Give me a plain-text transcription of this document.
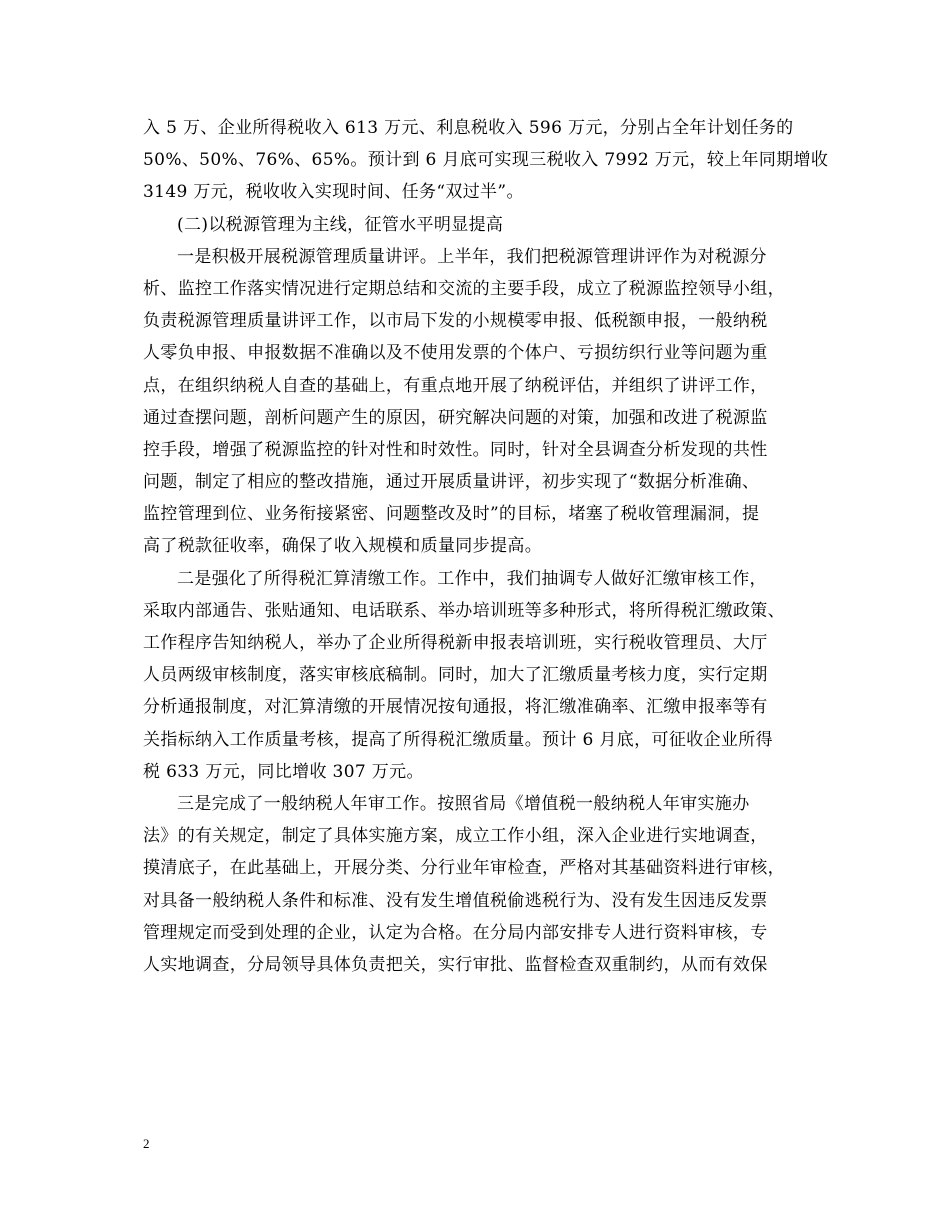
入 5 万、企业所得税收入 613 万元、利息税收入 596 万元，分别占全年计划任务的
50%、50%、76%、65%。预计到 6 月底可实现三税收入 7992 万元，较上年同期增收
3149 万元，税收收入实现时间、任务“双过半”。
(二)以税源管理为主线，征管水平明显提高
一是积极开展税源管理质量讲评。上半年，我们把税源管理讲评作为对税源分
析、监控工作落实情况进行定期总结和交流的主要手段，成立了税源监控领导小组，
负责税源管理质量讲评工作，以市局下发的小规模零申报、低税额申报，一般纳税
人零负申报、申报数据不准确以及不使用发票的个体户、亏损纺织行业等问题为重
点，在组织纳税人自查的基础上，有重点地开展了纳税评估，并组织了讲评工作，
通过查摆问题，剖析问题产生的原因，研究解决问题的对策，加强和改进了税源监
控手段，增强了税源监控的针对性和时效性。同时，针对全县调查分析发现的共性
问题，制定了相应的整改措施，通过开展质量讲评，初步实现了“数据分析准确、
监控管理到位、业务衔接紧密、问题整改及时”的目标，堵塞了税收管理漏洞，提
高了税款征收率，确保了收入规模和质量同步提高。
二是强化了所得税汇算清缴工作。工作中，我们抽调专人做好汇缴审核工作，
采取内部通告、张贴通知、电话联系、举办培训班等多种形式，将所得税汇缴政策、
工作程序告知纳税人，举办了企业所得税新申报表培训班，实行税收管理员、大厅
人员两级审核制度，落实审核底稿制。同时，加大了汇缴质量考核力度，实行定期
分析通报制度，对汇算清缴的开展情况按旬通报，将汇缴准确率、汇缴申报率等有
关指标纳入工作质量考核，提高了所得税汇缴质量。预计 6 月底，可征收企业所得
税 633 万元，同比增收 307 万元。
三是完成了一般纳税人年审工作。按照省局《增值税一般纳税人年审实施办
法》的有关规定，制定了具体实施方案，成立工作小组，深入企业进行实地调查，
摸清底子，在此基础上，开展分类、分行业年审检查，严格对其基础资料进行审核，
对具备一般纳税人条件和标准、没有发生增值税偷逃税行为、没有发生因违反发票
管理规定而受到处理的企业，认定为合格。在分局内部安排专人进行资料审核，专
人实地调查，分局领导具体负责把关，实行审批、监督检查双重制约，从而有效保
2
